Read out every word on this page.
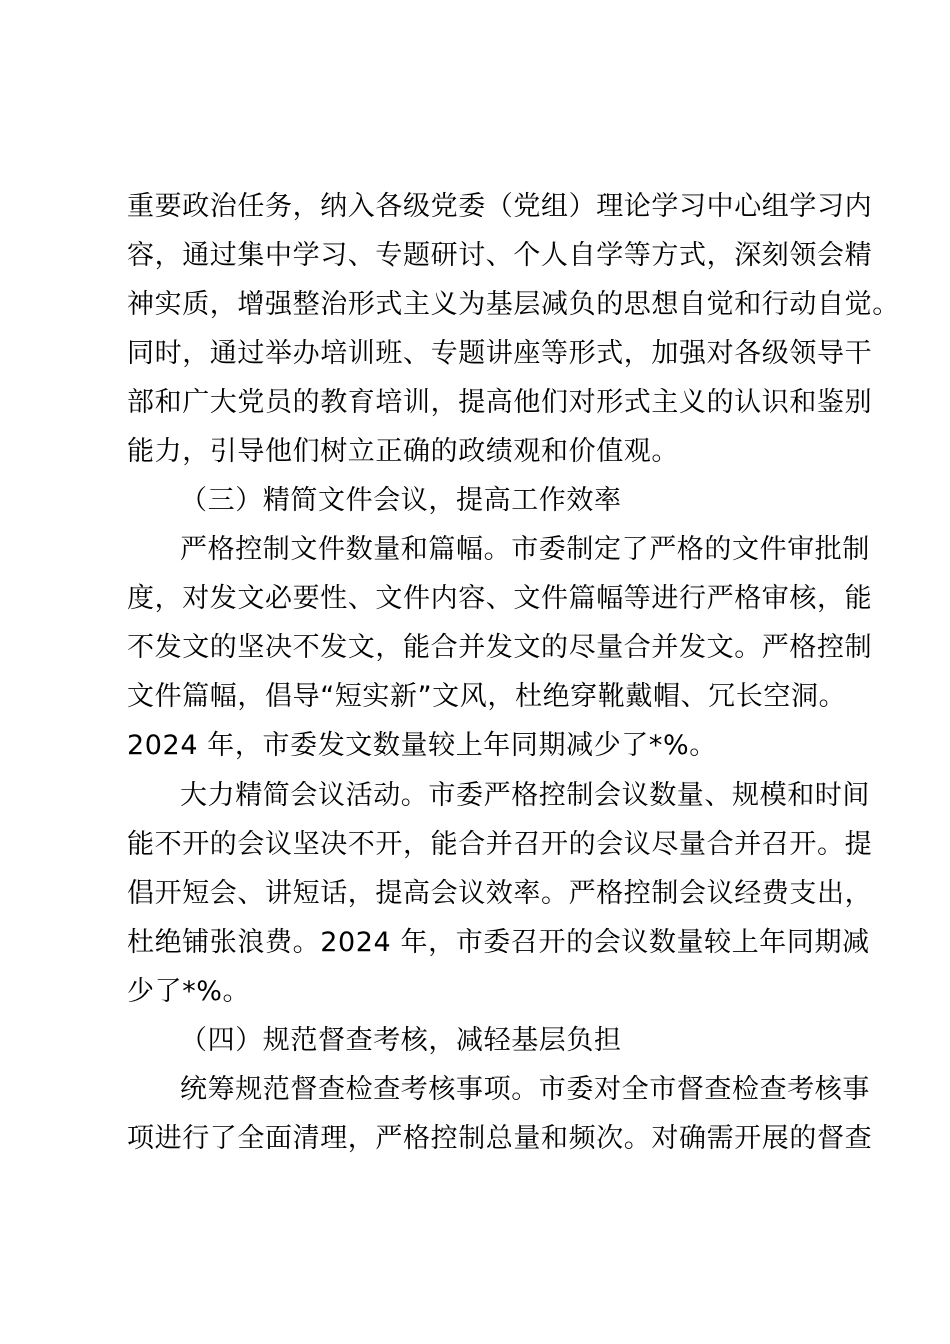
重要政治任务，纳入各级党委（党组）理论学习中心组学习内
容，通过集中学习、专题研讨、个人自学等方式，深刻领会精
神实质，增强整治形式主义为基层减负的思想自觉和行动自觉。
同时，通过举办培训班、专题讲座等形式，加强对各级领导干
部和广大党员的教育培训，提高他们对形式主义的认识和鉴别
能力，引导他们树立正确的政绩观和价值观。
（三）精简文件会议，提高工作效率
严格控制文件数量和篇幅。市委制定了严格的文件审批制
度，对发文必要性、文件内容、文件篇幅等进行严格审核，能
不发文的坚决不发文，能合并发文的尽量合并发文。严格控制
文件篇幅，倡导“短实新”文风，杜绝穿靴戴帽、冗长空洞。
2024 年，市委发文数量较上年同期减少了*%。
大力精简会议活动。市委严格控制会议数量、规模和时间
能不开的会议坚决不开，能合并召开的会议尽量合并召开。提
倡开短会、讲短话，提高会议效率。严格控制会议经费支出，
杜绝铺张浪费。2024 年，市委召开的会议数量较上年同期减
少了*%。
（四）规范督查考核，减轻基层负担
统筹规范督查检查考核事项。市委对全市督查检查考核事
项进行了全面清理，严格控制总量和频次。对确需开展的督查
